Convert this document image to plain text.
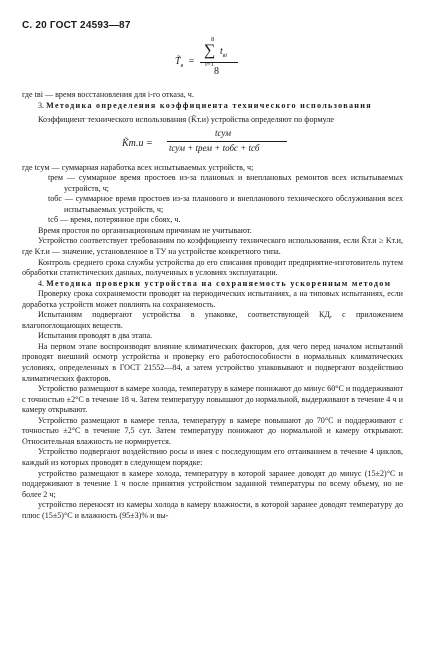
С. 20 ГОСТ 24593—87
8
∑ $t_{вi}$
i=1
$T̃_в$ =
8

где tвi — время восстановления для i-го отказа, ч.

3. Методика определения коэффициента технического использования

Коэффициент технического использования (K̃т.и) устройства определяют по формуле

K̃т.и =
tсум
tсум + tрем + tобс + tсб

где tсум — суммарная наработка всех испытываемых устройств, ч;

tрем — суммарное время простоев из-за плановых и внеплановых ремонтов всех испытываемых устройств, ч;

tобс — суммарное время простоев из-за планового и внепланового технического обслуживания всех испытываемых устройств, ч;

tсб — время, потерянное при сбоях, ч.

Время простоя по организационным причинам не учитывают.

Устройство соответствует требованиям по коэффициенту технического использования, если K̃т.и ≥ Kт.и, где Kт.и — значение, установленное в ТУ на устройстве конкретного типа.

Контроль среднего срока службы устройства до его списания проводит предприятие-изготовитель путем обработки статистических данных, полученных в условиях эксплуатации.

4. Методика проверки устройства на сохраняемость ускоренным методом

Проверку срока сохраняемости проводят на периодических испытаниях, а на типовых испытаниях, если доработка устройств может повлиять на сохраняемость.

Испытаниям подвергают устройства в упаковке, соответствующей КД, с приложением влагопоглощающих веществ.

Испытания проводят в два этапа.

На первом этапе воспроизводят влияние климатических факторов, для чего перед началом испытаний проводят внешний осмотр устройства и проверку его работоспособности в нормальных климатических условиях, определенных в ГОСТ 21552—84, а затем устройство упаковывают и подвергают воздействию климатических факторов.

Устройство размещают в камере холода, температуру в камере понижают до минус 60°С и поддерживают с точностью ±2°С в течение 18 ч. Затем температуру повышают до нормальной, выдерживают в течение 4 ч и камеру открывают.

Устройство размещают в камере тепла, температуру в камере повышают до 70°С и поддерживают с точностью ±2°С в течение 7,5 сут. Затем температуру понижают до нормальной и камеру открывают. Относительная влажность не нормируется.

Устройство подвергают воздействию росы и инея с последующим его оттаиванием в течение 4 циклов, каждый из которых проводят в следующем порядке:

устройство размещают в камере холода, температуру в которой заранее доводят до минус (15±2)°С и поддерживают в течение 1 ч после принятия устройством заданной температуры по всему объему, но не более 2 ч;

устройство переносят из камеры холода в камеру влажности, в которой заранее доводят температуру до плюс (15±5)°С и влажность (95±3)% и вы-
